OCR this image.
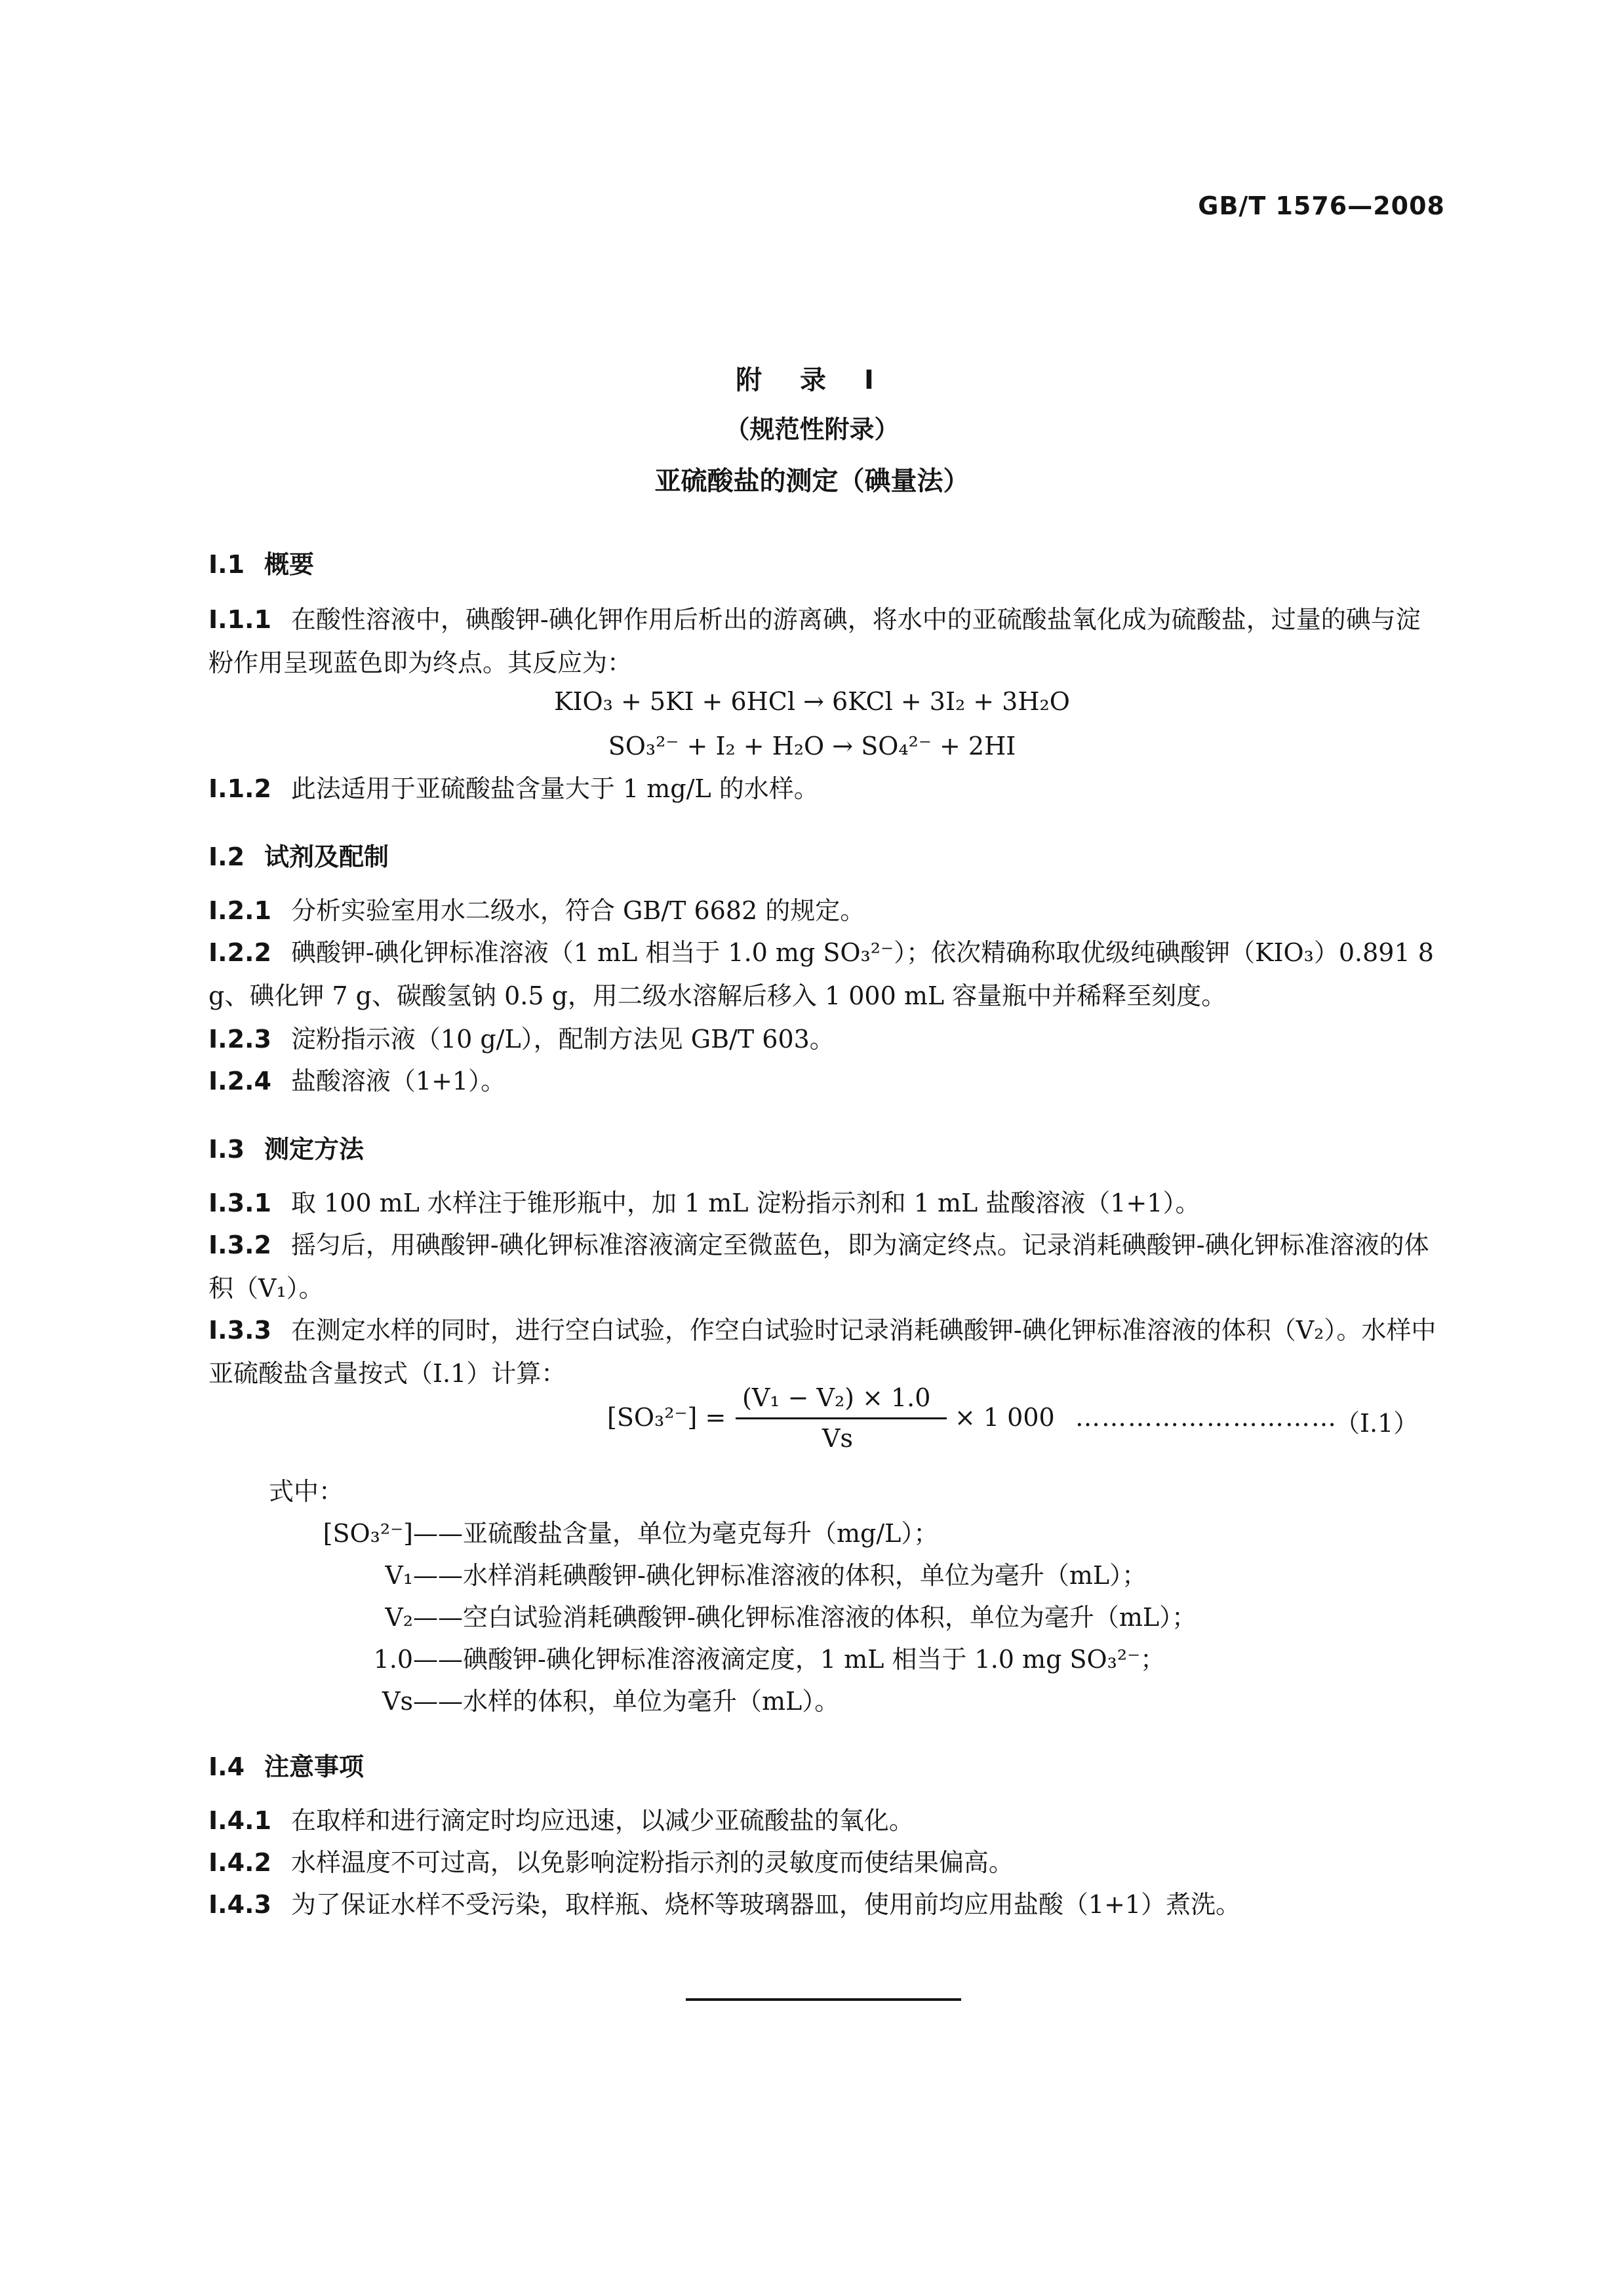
GB/T 1576—2008
附 录 I
（规范性附录）
亚硫酸盐的测定（碘量法）
I.1 概要
I.1.1 在酸性溶液中，碘酸钾-碘化钾作用后析出的游离碘，将水中的亚硫酸盐氧化成为硫酸盐，过量的碘与淀粉作用呈现蓝色即为终点。其反应为：
KIO₃ + 5KI + 6HCl → 6KCl + 3I₂ + 3H₂O
SO₃²⁻ + I₂ + H₂O → SO₄²⁻ + 2HI
I.1.2 此法适用于亚硫酸盐含量大于 1 mg/L 的水样。
I.2 试剂及配制
I.2.1 分析实验室用水二级水，符合 GB/T 6682 的规定。
I.2.2 碘酸钾-碘化钾标准溶液（1 mL 相当于 1.0 mg SO₃²⁻）；依次精确称取优级纯碘酸钾（KIO₃）0.891 8 g、碘化钾 7 g、碳酸氢钠 0.5 g，用二级水溶解后移入 1 000 mL 容量瓶中并稀释至刻度。
I.2.3 淀粉指示液（10 g/L），配制方法见 GB/T 603。
I.2.4 盐酸溶液（1+1）。
I.3 测定方法
I.3.1 取 100 mL 水样注于锥形瓶中，加 1 mL 淀粉指示剂和 1 mL 盐酸溶液（1+1）。
I.3.2 摇匀后，用碘酸钾-碘化钾标准溶液滴定至微蓝色，即为滴定终点。记录消耗碘酸钾-碘化钾标准溶液的体积（V₁）。
I.3.3 在测定水样的同时，进行空白试验，作空白试验时记录消耗碘酸钾-碘化钾标准溶液的体积（V₂）。水样中亚硫酸盐含量按式（I.1）计算：
[SO₃²⁻] =
(V₁ − V₂) × 1.0
Vs
× 1 000 …………………………
（I.1）
式中：
[SO₃²⁻]——亚硫酸盐含量，单位为毫克每升（mg/L）；
V₁——水样消耗碘酸钾-碘化钾标准溶液的体积，单位为毫升（mL）；
V₂——空白试验消耗碘酸钾-碘化钾标准溶液的体积，单位为毫升（mL）；
1.0——碘酸钾-碘化钾标准溶液滴定度，1 mL 相当于 1.0 mg SO₃²⁻；
Vs——水样的体积，单位为毫升（mL）。
I.4 注意事项
I.4.1 在取样和进行滴定时均应迅速，以减少亚硫酸盐的氧化。
I.4.2 水样温度不可过高，以免影响淀粉指示剂的灵敏度而使结果偏高。
I.4.3 为了保证水样不受污染，取样瓶、烧杯等玻璃器皿，使用前均应用盐酸（1+1）煮洗。
